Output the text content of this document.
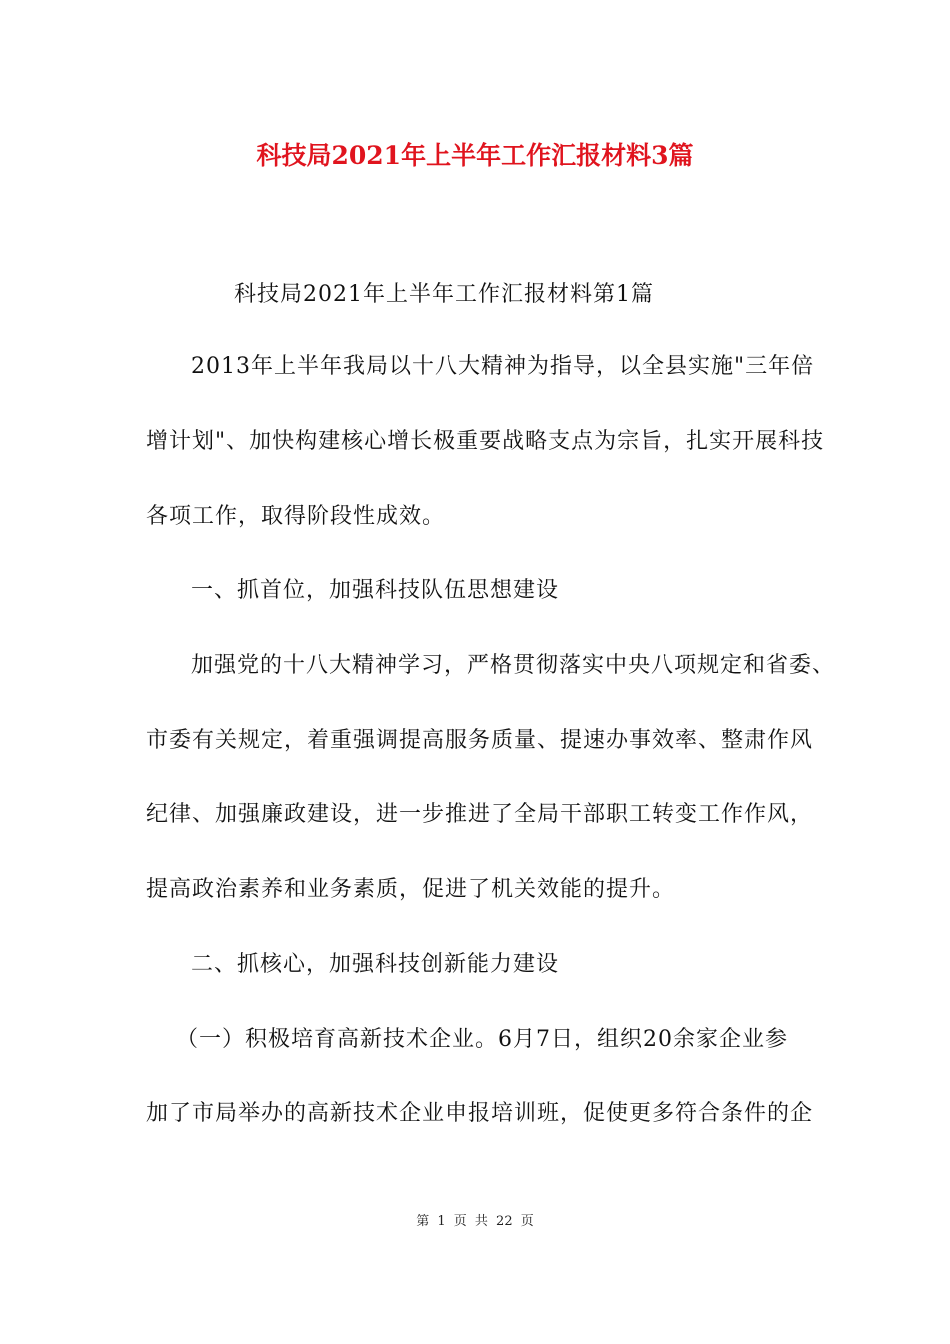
科技局2021年上半年工作汇报材料3篇
科技局2021年上半年工作汇报材料第1篇
2013年上半年我局以十八大精神为指导，以全县实施"三年倍
增计划"、加快构建核心增长极重要战略支点为宗旨，扎实开展科技
各项工作，取得阶段性成效。
一、抓首位，加强科技队伍思想建设
加强党的十八大精神学习，严格贯彻落实中央八项规定和省委、
市委有关规定，着重强调提高服务质量、提速办事效率、整肃作风
纪律、加强廉政建设，进一步推进了全局干部职工转变工作作风，
提高政治素养和业务素质，促进了机关效能的提升。
二、抓核心，加强科技创新能力建设
（一）积极培育高新技术企业。6月7日，组织20余家企业参
加了市局举办的高新技术企业申报培训班，促使更多符合条件的企
第 1 页 共 22 页
